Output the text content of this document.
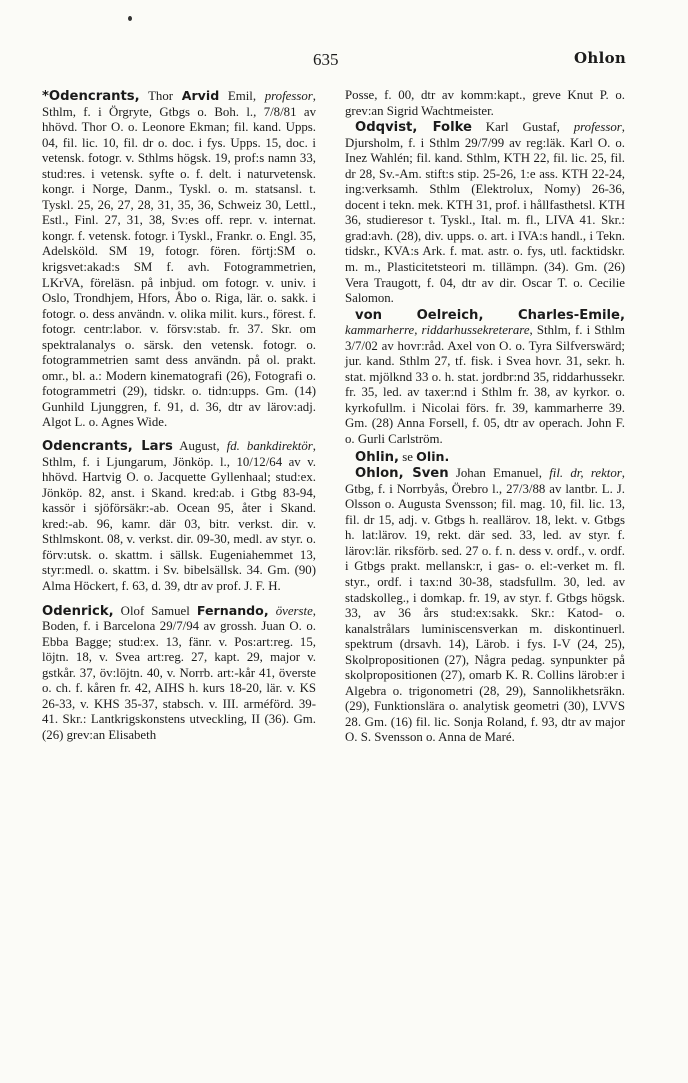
635	Ohlon

*Odencrants, Thor Arvid Emil, professor, Sthlm, f. i Örgryte, Gtbgs o. Boh. l., 7/8/81 av hhövd. Thor O. o. Leonore Ekman; fil. kand. Upps. 04, fil. lic. 10, fil. dr o. doc. i fys. Upps. 15, doc. i vetensk. fotogr. v. Sthlms högsk. 19, prof:s namn 33, stud:res. i vetensk. syfte o. f. delt. i naturvetensk. kongr. i Norge, Danm., Tyskl. o. m. statsansl. t. Tyskl. 25, 26, 27, 28, 31, 35, 36, Schweiz 30, Lettl., Estl., Finl. 27, 31, 38, Sv:es off. repr. v. internat. kongr. f. vetensk. fotogr. i Tyskl., Frankr. o. Engl. 35, Adelsköld. SM 19, fotogr. fören. förtj:SM o. krigsvet:akad:s SM f. avh. Fotogrammetrien, LKrVA, föreläsn. på inbjud. om fotogr. v. univ. i Oslo, Trondhjem, Hfors, Åbo o. Riga, lär. o. sakk. i fotogr. o. dess användn. v. olika milit. kurs., förest. f. fotogr. centr:labor. v. försv:stab. fr. 37. Skr. om spektralanalys o. särsk. den vetensk. fotogr. o. fotogrammetrien samt dess användn. på ol. prakt. omr., bl. a.: Modern kinematografi (26), Fotografi o. fotogrammetri (29), tidskr. o. tidn:upps. Gm. (14) Gunhild Ljunggren, f. 91, d. 36, dtr av lärov:adj. Algot L. o. Agnes Wide.

Odencrants, Lars August, fd. bankdirektör, Sthlm, f. i Ljungarum, Jönköp. l., 10/12/64 av v. hhövd. Hartvig O. o. Jacquette Gyllenhaal; stud:ex. Jönköp. 82, anst. i Skand. kred:ab. i Gtbg 83-94, kassör i sjöförsäkr:-ab. Ocean 95, åter i Skand. kred:-ab. 96, kamr. där 03, bitr. verkst. dir. v. Sthlmskont. 08, v. verkst. dir. 09-30, medl. av styr. o. förv:utsk. o. skattm. i sällsk. Eugeniahemmet 13, styr:medl. o. skattm. i Sv. bibelsällsk. 34. Gm. (90) Alma Höckert, f. 63, d. 39, dtr av prof. J. F. H.

Odenrick, Olof Samuel Fernando, överste, Boden, f. i Barcelona 29/7/94 av grossh. Juan O. o. Ebba Bagge; stud:ex. 13, fänr. v. Pos:art:reg. 15, löjtn. 18, v. Svea art:reg. 27, kapt. 29, major v. gstkår. 37, öv:löjtn. 40, v. Norrb. art:-kår 41, överste o. ch. f. kåren fr. 42, AIHS h. kurs 18-20, lär. v. KS 26-33, v. KHS 35-37, stabsch. v. III. arméförd. 39-41. Skr.: Lantkrigskonstens utveckling, II (36). Gm. (26) grev:an Elisabeth

Posse, f. 00, dtr av komm:kapt., greve Knut P. o. grev:an Sigrid Wachtmeister.

Odqvist, Folke Karl Gustaf, professor, Djursholm, f. i Sthlm 29/7/99 av reg:läk. Karl O. o. Inez Wahlén; fil. kand. Sthlm, KTH 22, fil. lic. 25, fil. dr 28, Sv.-Am. stift:s stip. 25-26, 1:e ass. KTH 22-24, ing:verksamh. Sthlm (Elektrolux, Nomy) 26-36, docent i tekn. mek. KTH 31, prof. i hållfasthetsl. KTH 36, studieresor t. Tyskl., Ital. m. fl., LIVA 41. Skr.: grad:avh. (28), div. upps. o. art. i IVA:s handl., i Tekn. tidskr., KVA:s Ark. f. mat. astr. o. fys, utl. facktidskr. m. m., Plasticitetsteori m. tillämpn. (34). Gm. (26) Vera Traugott, f. 04, dtr av dir. Oscar T. o. Cecilie Salomon.

von Oelreich, Charles-Emile, kammarherre, riddarhussekreterare, Sthlm, f. i Sthlm 3/7/02 av hovr:råd. Axel von O. o. Tyra Silfverswärd; jur. kand. Sthlm 27, tf. fisk. i Svea hovr. 31, sekr. h. stat. mjölknd 33 o. h. stat. jordbr:nd 35, riddarhussekr. fr. 35, led. av taxer:nd i Sthlm fr. 38, av kyrkor. o. kyrkofullm. i Nicolai förs. fr. 39, kammarherre 39. Gm. (28) Anna Forsell, f. 05, dtr av operach. John F. o. Gurli Carlström.

Ohlin, se Olin.

Ohlon, Sven Johan Emanuel, fil. dr, rektor, Gtbg, f. i Norrbyås, Örebro l., 27/3/88 av lantbr. L. J. Olsson o. Augusta Svensson; fil. mag. 10, fil. lic. 13, fil. dr 15, adj. v. Gtbgs h. reallärov. 18, lekt. v. Gtbgs h. lat:lärov. 19, rekt. där sed. 33, led. av styr. f. lärov:lär. riksförb. sed. 27 o. f. n. dess v. ordf., v. ordf. i Gtbgs prakt. mellansk:r, i gas- o. el:-verket m. fl. styr., ordf. i tax:nd 30-38, stadsfullm. 30, led. av stadskolleg., i domkap. fr. 19, av styr. f. Gtbgs högsk. 33, av 36 års stud:ex:sakk. Skr.: Katod- o. kanalstrålars luminiscensverkan m. diskontinuerl. spektrum (drsavh. 14), Lärob. i fys. I-V (24, 25), Skolpropositionen (27), Några pedag. synpunkter på skolpropositionen (27), omarb K. R. Collins lärob:er i Algebra o. trigonometri (28, 29), Sannolikhetsräkn. (29), Funktionslära o. analytisk geometri (30), LVVS 28. Gm. (16) fil. lic. Sonja Roland, f. 93, dtr av major O. S. Svensson o. Anna de Maré.
